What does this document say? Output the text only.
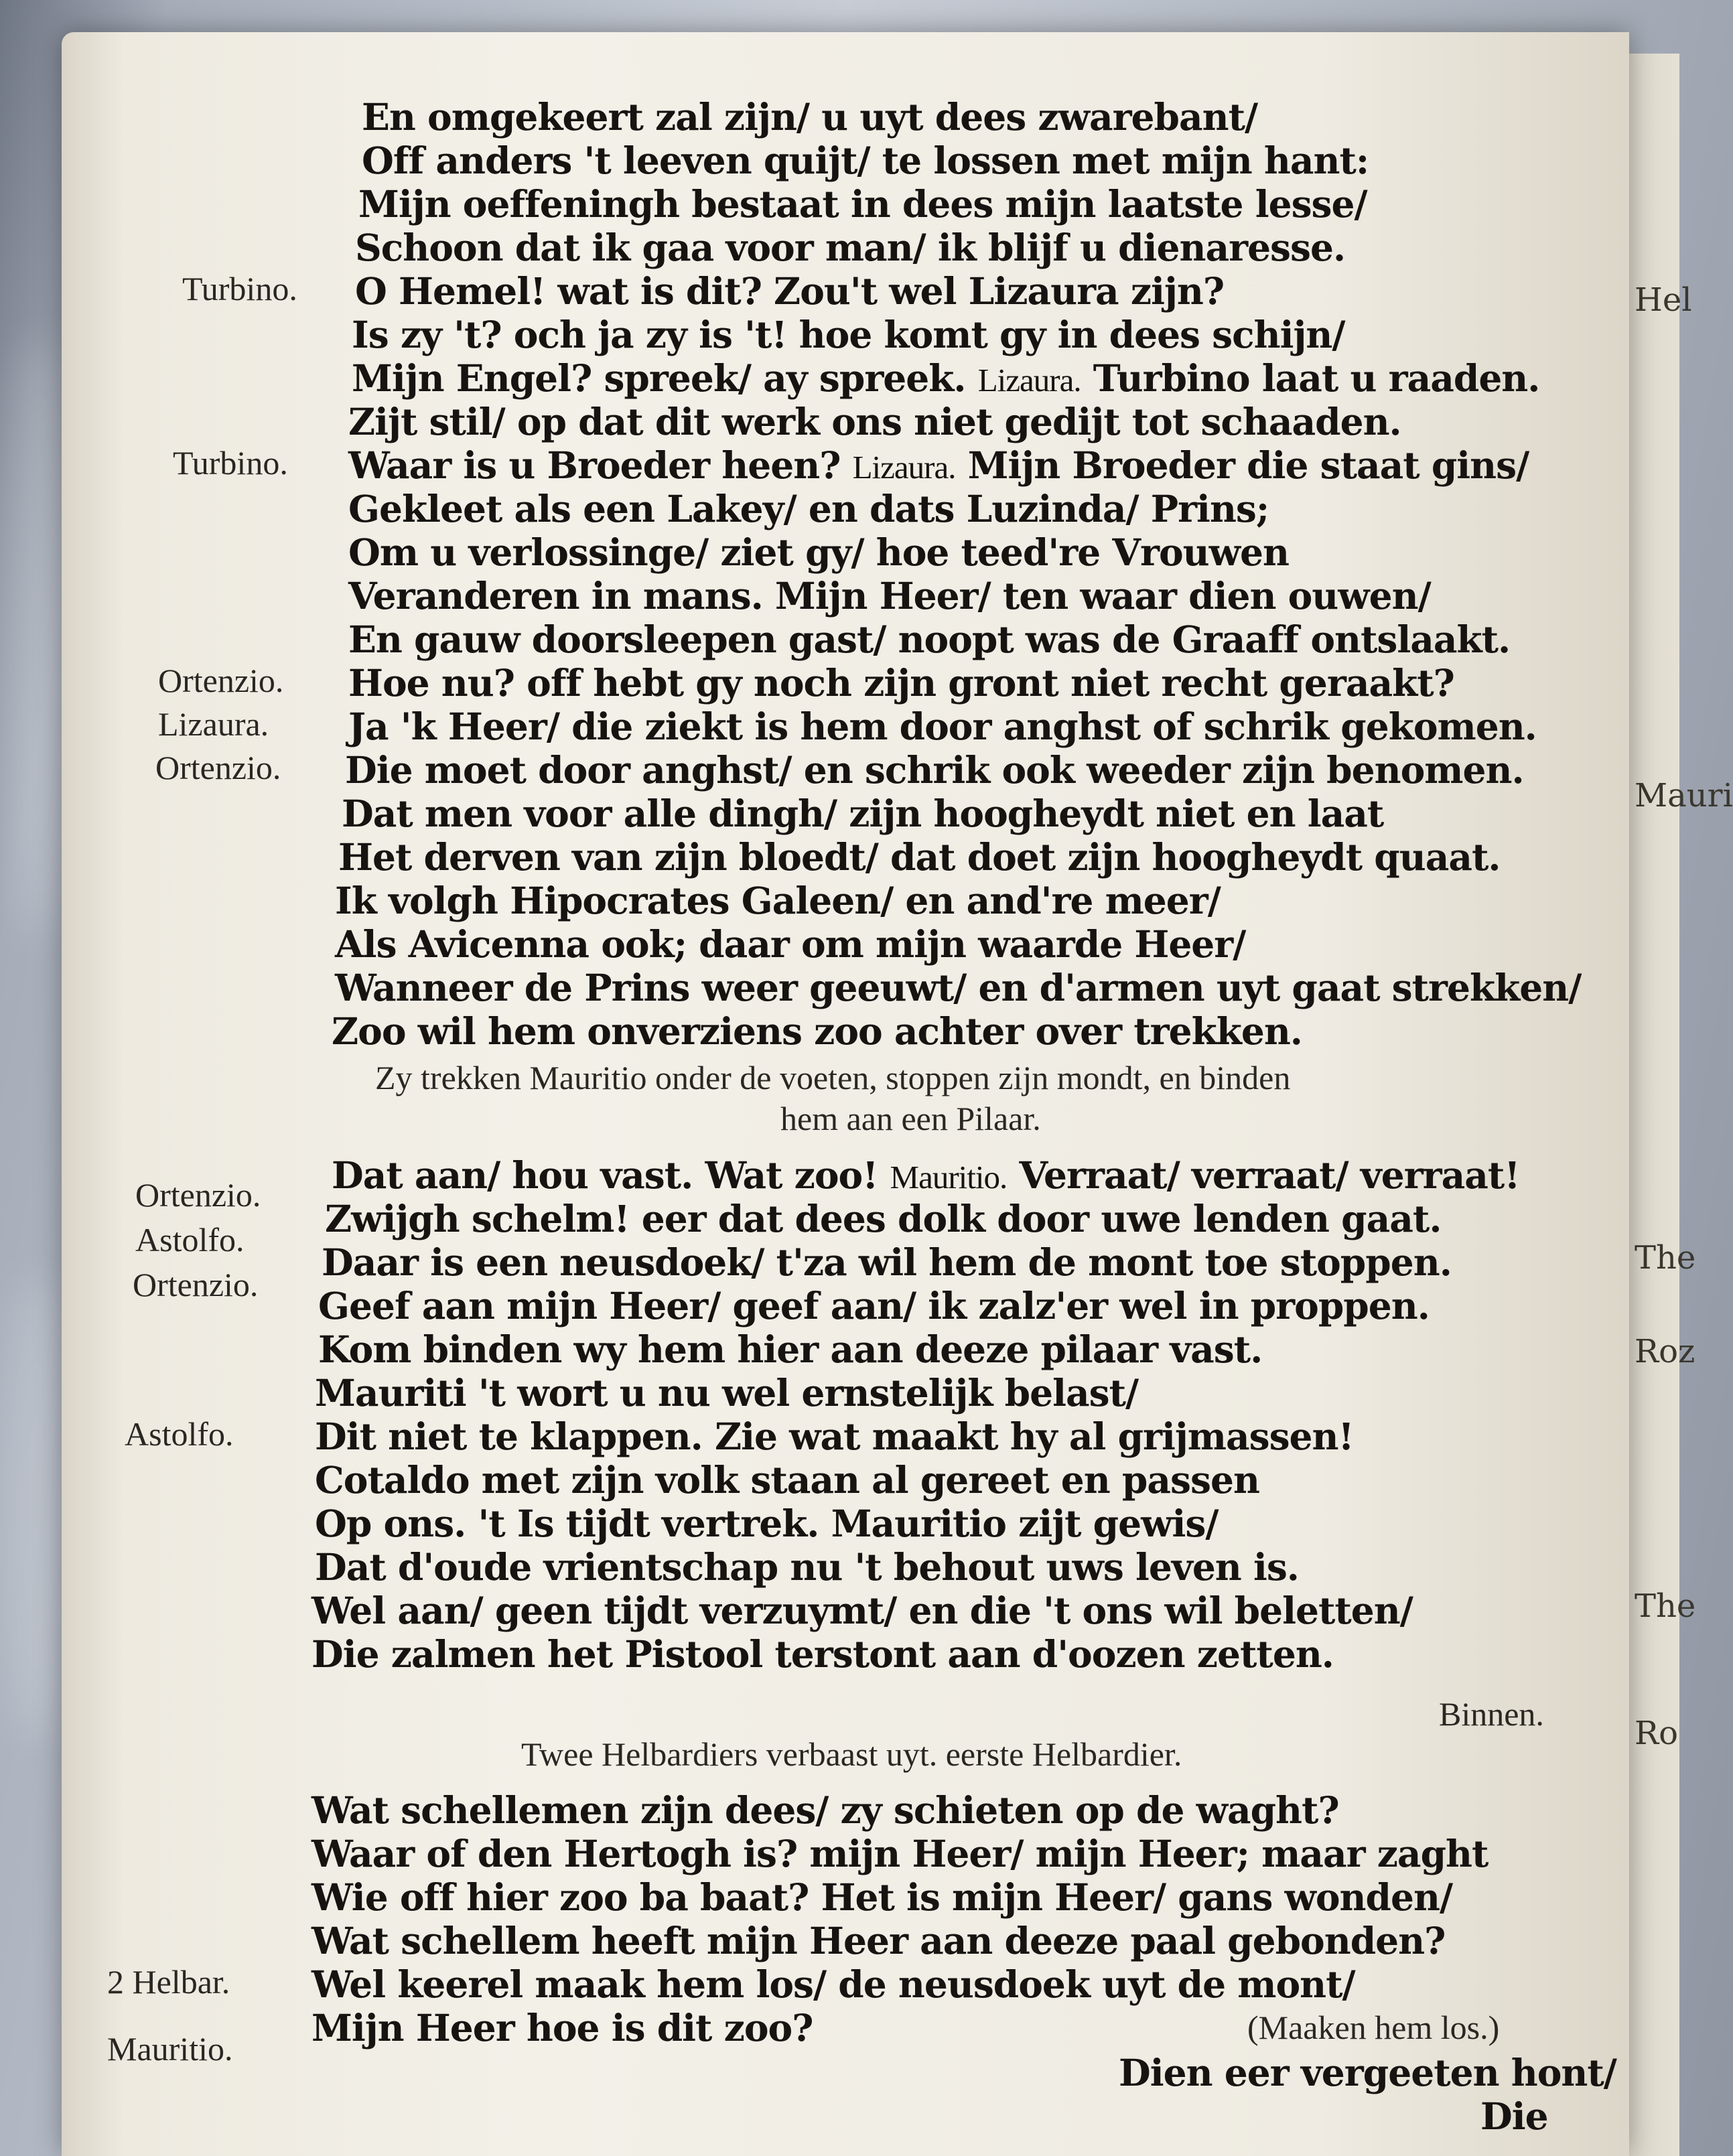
Hel
Mauri
The
Roz
The
Ro
En omgekeert zal zijn/ u uyt dees zwarebant/
Off anders 't leeven quijt/ te lossen met mijn hant:
Mijn oeffeningh bestaat in dees mijn laatste lesse/
Schoon dat ik gaa voor man/ ik blijf u dienaresse.
O Hemel! wat is dit? Zou't wel Lizaura zijn?
Is zy 't? och ja zy is 't! hoe komt gy in dees schijn/
Mijn Engel? spreek/ ay spreek. Lizaura. Turbino laat u raaden.
Zijt stil/ op dat dit werk ons niet gedijt tot schaaden.
Waar is u Broeder heen? Lizaura. Mijn Broeder die staat gins/
Gekleet als een Lakey/ en dats Luzinda/ Prins;
Om u verlossinge/ ziet gy/ hoe teed're Vrouwen
Veranderen in mans. Mijn Heer/ ten waar dien ouwen/
En gauw doorsleepen gast/ noopt was de Graaff ontslaakt.
Hoe nu? off hebt gy noch zijn gront niet recht geraakt?
Ja 'k Heer/ die ziekt is hem door anghst of schrik gekomen.
Die moet door anghst/ en schrik ook weeder zijn benomen.
Dat men voor alle dingh/ zijn hoogheydt niet en laat
Het derven van zijn bloedt/ dat doet zijn hoogheydt quaat.
Ik volgh Hipocrates Galeen/ en and're meer/
Als Avicenna ook; daar om mijn waarde Heer/
Wanneer de Prins weer geeuwt/ en d'armen uyt gaat strekken/
Zoo wil hem onverziens zoo achter over trekken.
Zy trekken Mauritio onder de voeten, stoppen zijn mondt, en binden
hem aan een Pilaar.
Dat aan/ hou vast. Wat zoo! Mauritio. Verraat/ verraat/ verraat!
Zwijgh schelm! eer dat dees dolk door uwe lenden gaat.
Daar is een neusdoek/ t'za wil hem de mont toe stoppen.
Geef aan mijn Heer/ geef aan/ ik zalz'er wel in proppen.
Kom binden wy hem hier aan deeze pilaar vast.
Mauriti 't wort u nu wel ernstelijk belast/
Dit niet te klappen. Zie wat maakt hy al grijmassen!
Cotaldo met zijn volk staan al gereet en passen
Op ons. 't Is tijdt vertrek. Mauritio zijt gewis/
Dat d'oude vrientschap nu 't behout uws leven is.
Wel aan/ geen tijdt verzuymt/ en die 't ons wil beletten/
Die zalmen het Pistool terstont aan d'oozen zetten.
Binnen.
Twee Helbardiers verbaast uyt. eerste Helbardier.
Wat schellemen zijn dees/ zy schieten op de waght?
Waar of den Hertogh is? mijn Heer/ mijn Heer; maar zaght
Wie off hier zoo ba baat? Het is mijn Heer/ gans wonden/
Wat schellem heeft mijn Heer aan deeze paal gebonden?
Wel keerel maak hem los/ de neusdoek uyt de mont/
Mijn Heer hoe is dit zoo?	(Maaken hem los.)
Dien eer vergeeten hont/
Die
Turbino.
Turbino.
Ortenzio.
Lizaura.
Ortenzio.
Ortenzio.
Astolfo.
Ortenzio.
Astolfo.
2 Helbar.
Mauritio.
